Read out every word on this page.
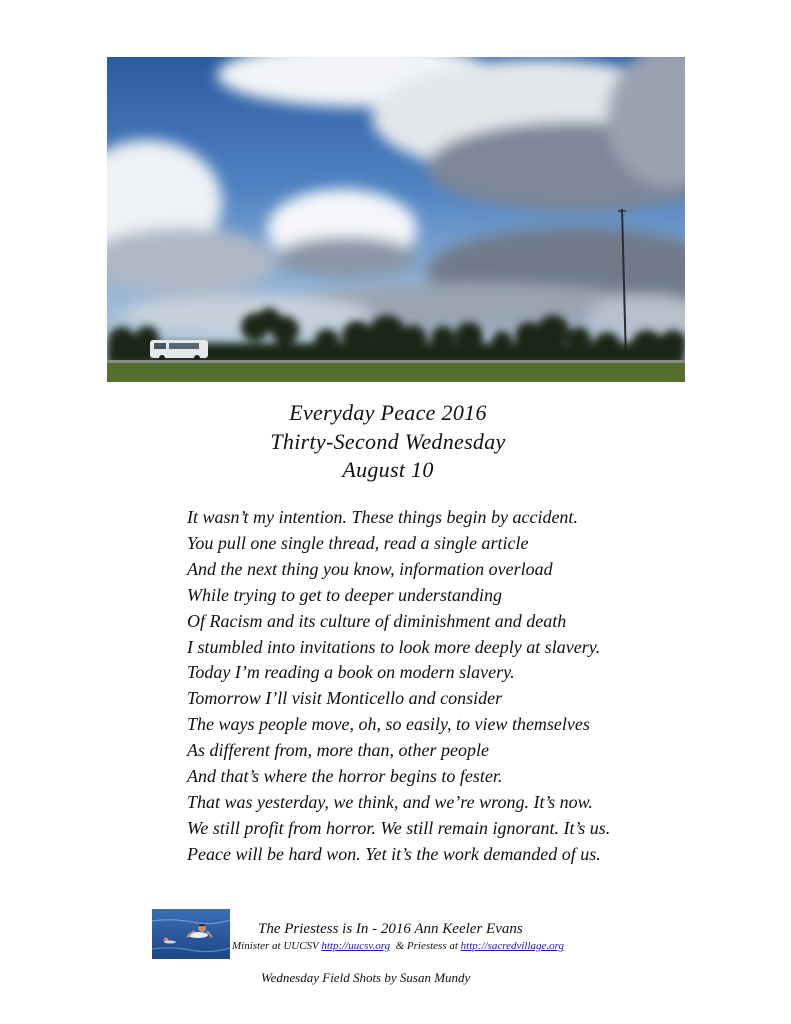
Everyday Peace 2016
Thirty-Second Wednesday
August 10
It wasn’t my intention. These things begin by accident.
You pull one single thread, read a single article
And the next thing you know, information overload
While trying to get to deeper understanding
Of Racism and its culture of diminishment and death
I stumbled into invitations to look more deeply at slavery.
Today I’m reading a book on modern slavery.
Tomorrow I’ll visit Monticello and consider
The ways people move, oh, so easily, to view themselves
As different from, more than, other people
And that’s where the horror begins to fester.
That was yesterday, we think, and we’re wrong. It’s now.
We still profit from horror. We still remain ignorant. It’s us.
Peace will be hard won. Yet it’s the work demanded of us.
The Priestess is In - 2016 Ann Keeler Evans
Minister at UUCSV http://uucsv.org  & Priestess at http://sacredvillage.org
Wednesday Field Shots by Susan Mundy
